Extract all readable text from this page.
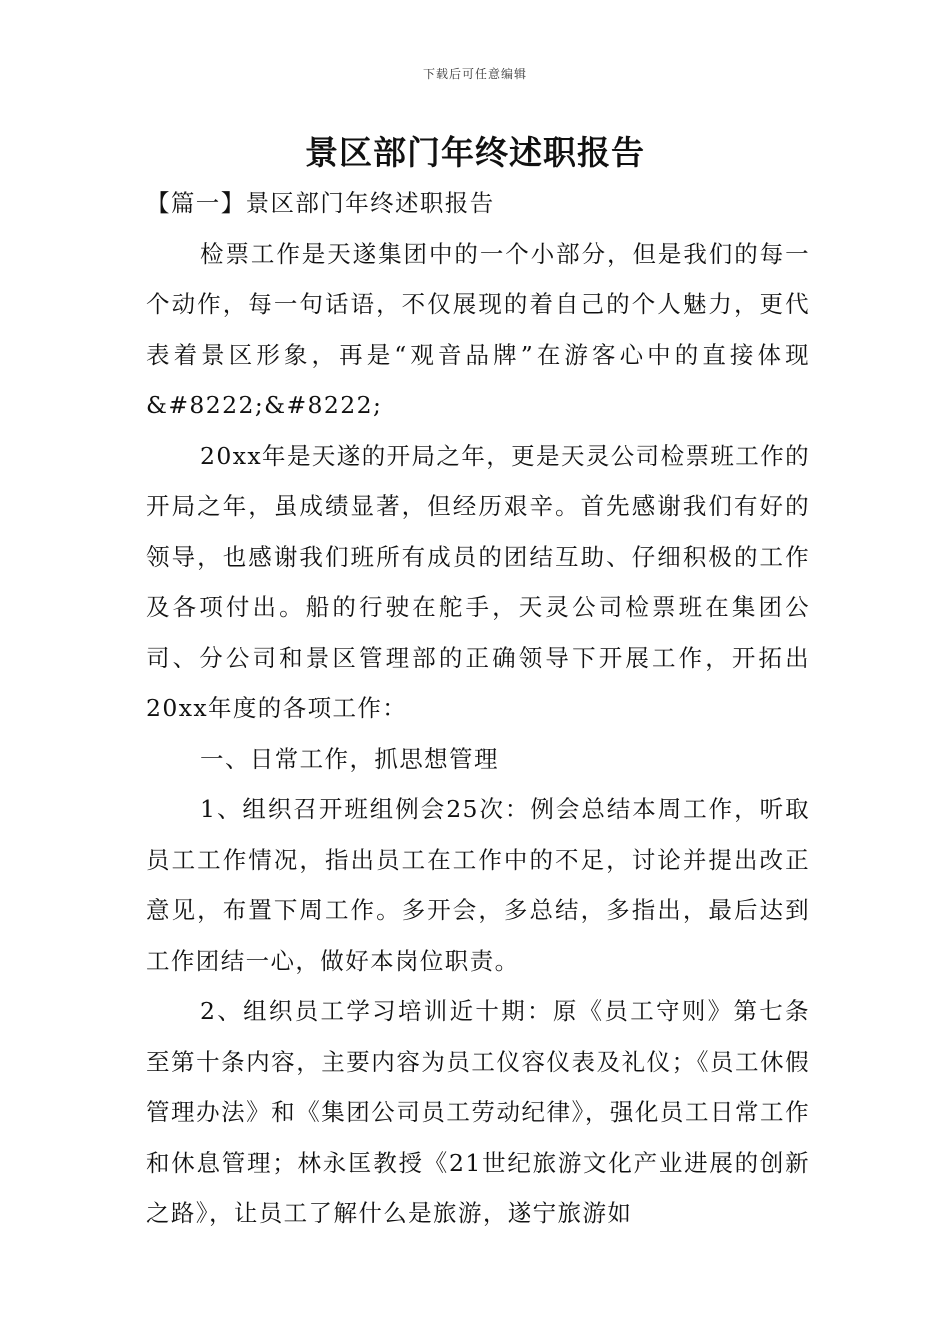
下载后可任意编辑
景区部门年终述职报告

【篇一】景区部门年终述职报告

检票工作是天遂集团中的一个小部分，但是我们的每一个动作，每一句话语，不仅展现的着自己的个人魅力，更代表着景区形象，再是“观音品牌”在游客心中的直接体现&#8222;&#8222;

20xx年是天遂的开局之年，更是天灵公司检票班工作的开局之年，虽成绩显著，但经历艰辛。首先感谢我们有好的领导，也感谢我们班所有成员的团结互助、仔细积极的工作及各项付出。船的行驶在舵手，天灵公司检票班在集团公司、分公司和景区管理部的正确领导下开展工作，开拓出20xx年度的各项工作：

一、日常工作，抓思想管理

1、组织召开班组例会25次：例会总结本周工作，听取员工工作情况，指出员工在工作中的不足，讨论并提出改正意见，布置下周工作。多开会，多总结，多指出，最后达到工作团结一心，做好本岗位职责。

2、组织员工学习培训近十期：原《员工守则》第七条至第十条内容，主要内容为员工仪容仪表及礼仪；《员工休假管理办法》和《集团公司员工劳动纪律》，强化员工日常工作和休息管理；林永匡教授《21世纪旅游文化产业进展的创新之路》，让员工了解什么是旅游，遂宁旅游如
